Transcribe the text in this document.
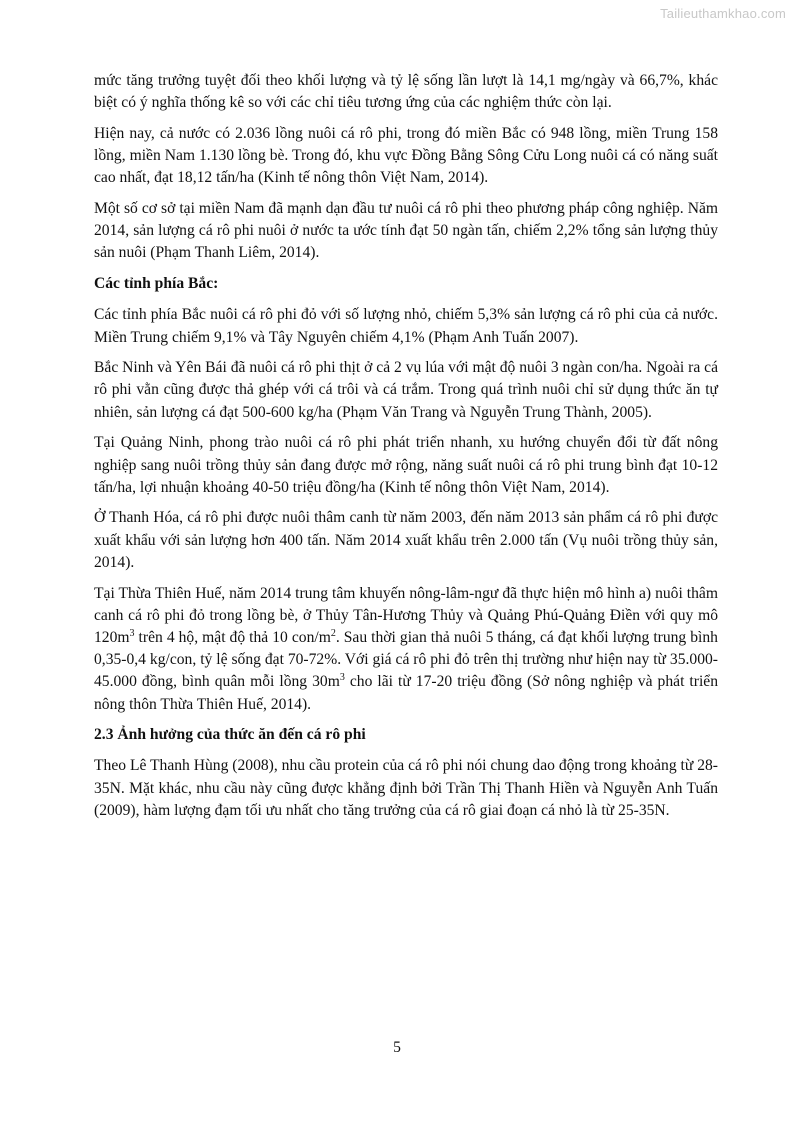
Tailieuthamkhao.com

mức tăng trưởng tuyệt đối theo khối lượng và tỷ lệ sống lần lượt là 14,1 mg/ngày và 66,7%, khác biệt có ý nghĩa thống kê so với các chỉ tiêu tương ứng của các nghiệm thức còn lại.

Hiện nay, cả nước có 2.036 lồng nuôi cá rô phi, trong đó miền Bắc có 948 lồng, miền Trung 158 lồng, miền Nam 1.130 lồng bè. Trong đó, khu vực Đồng Bằng Sông Cửu Long nuôi cá có năng suất cao nhất, đạt 18,12 tấn/ha (Kinh tế nông thôn Việt Nam, 2014).

Một số cơ sở tại miền Nam đã mạnh dạn đầu tư nuôi cá rô phi theo phương pháp công nghiệp. Năm 2014, sản lượng cá rô phi nuôi ở nước ta ước tính đạt 50 ngàn tấn, chiếm 2,2% tổng sản lượng thủy sản nuôi (Phạm Thanh Liêm, 2014).

Các tỉnh phía Bắc:

Các tỉnh phía Bắc nuôi cá rô phi đỏ với số lượng nhỏ, chiếm 5,3% sản lượng cá rô phi của cả nước. Miền Trung chiếm 9,1% và Tây Nguyên chiếm 4,1% (Phạm Anh Tuấn 2007).

Bắc Ninh và Yên Bái đã nuôi cá rô phi thịt ở cả 2 vụ lúa với mật độ nuôi 3 ngàn con/ha. Ngoài ra cá rô phi vằn cũng được thả ghép với cá trôi và cá trắm. Trong quá trình nuôi chỉ sử dụng thức ăn tự nhiên, sản lượng cá đạt 500-600 kg/ha (Phạm Văn Trang và Nguyễn Trung Thành, 2005).

Tại Quảng Ninh, phong trào nuôi cá rô phi phát triển nhanh, xu hướng chuyển đổi từ đất nông nghiệp sang nuôi trồng thủy sản đang được mở rộng, năng suất nuôi cá rô phi trung bình đạt 10-12 tấn/ha, lợi nhuận khoảng 40-50 triệu đồng/ha (Kinh tế nông thôn Việt Nam, 2014).

Ở Thanh Hóa, cá rô phi được nuôi thâm canh từ năm 2003, đến năm 2013 sản phẩm cá rô phi được xuất khẩu với sản lượng hơn 400 tấn. Năm 2014 xuất khẩu trên 2.000 tấn (Vụ nuôi trồng thủy sản, 2014).

Tại Thừa Thiên Huế, năm 2014 trung tâm khuyến nông-lâm-ngư đã thực hiện mô hình a) nuôi thâm canh cá rô phi đỏ trong lồng bè, ở Thủy Tân-Hương Thủy và Quảng Phú-Quảng Điền với quy mô $120m^3$ trên 4 hộ, mật độ thả 10 con/$m^2$. Sau thời gian thả nuôi 5 tháng, cá đạt khối lượng trung bình 0,35-0,4 kg/con, tỷ lệ sống đạt 70-72%. Với giá cá rô phi đỏ trên thị trường như hiện nay từ 35.000-45.000 đồng, bình quân mỗi lồng $30m^3$ cho lãi từ 17-20 triệu đồng (Sở nông nghiệp và phát triển nông thôn Thừa Thiên Huế, 2014).

2.3 Ảnh hưởng của thức ăn đến cá rô phi

Theo Lê Thanh Hùng (2008), nhu cầu protein của cá rô phi nói chung dao động trong khoảng từ 28-35N. Mặt khác, nhu cầu này cũng được khẳng định bởi Trần Thị Thanh Hiền và Nguyễn Anh Tuấn (2009), hàm lượng đạm tối ưu nhất cho tăng trưởng của cá rô giai đoạn cá nhỏ là từ 25-35N.

5
